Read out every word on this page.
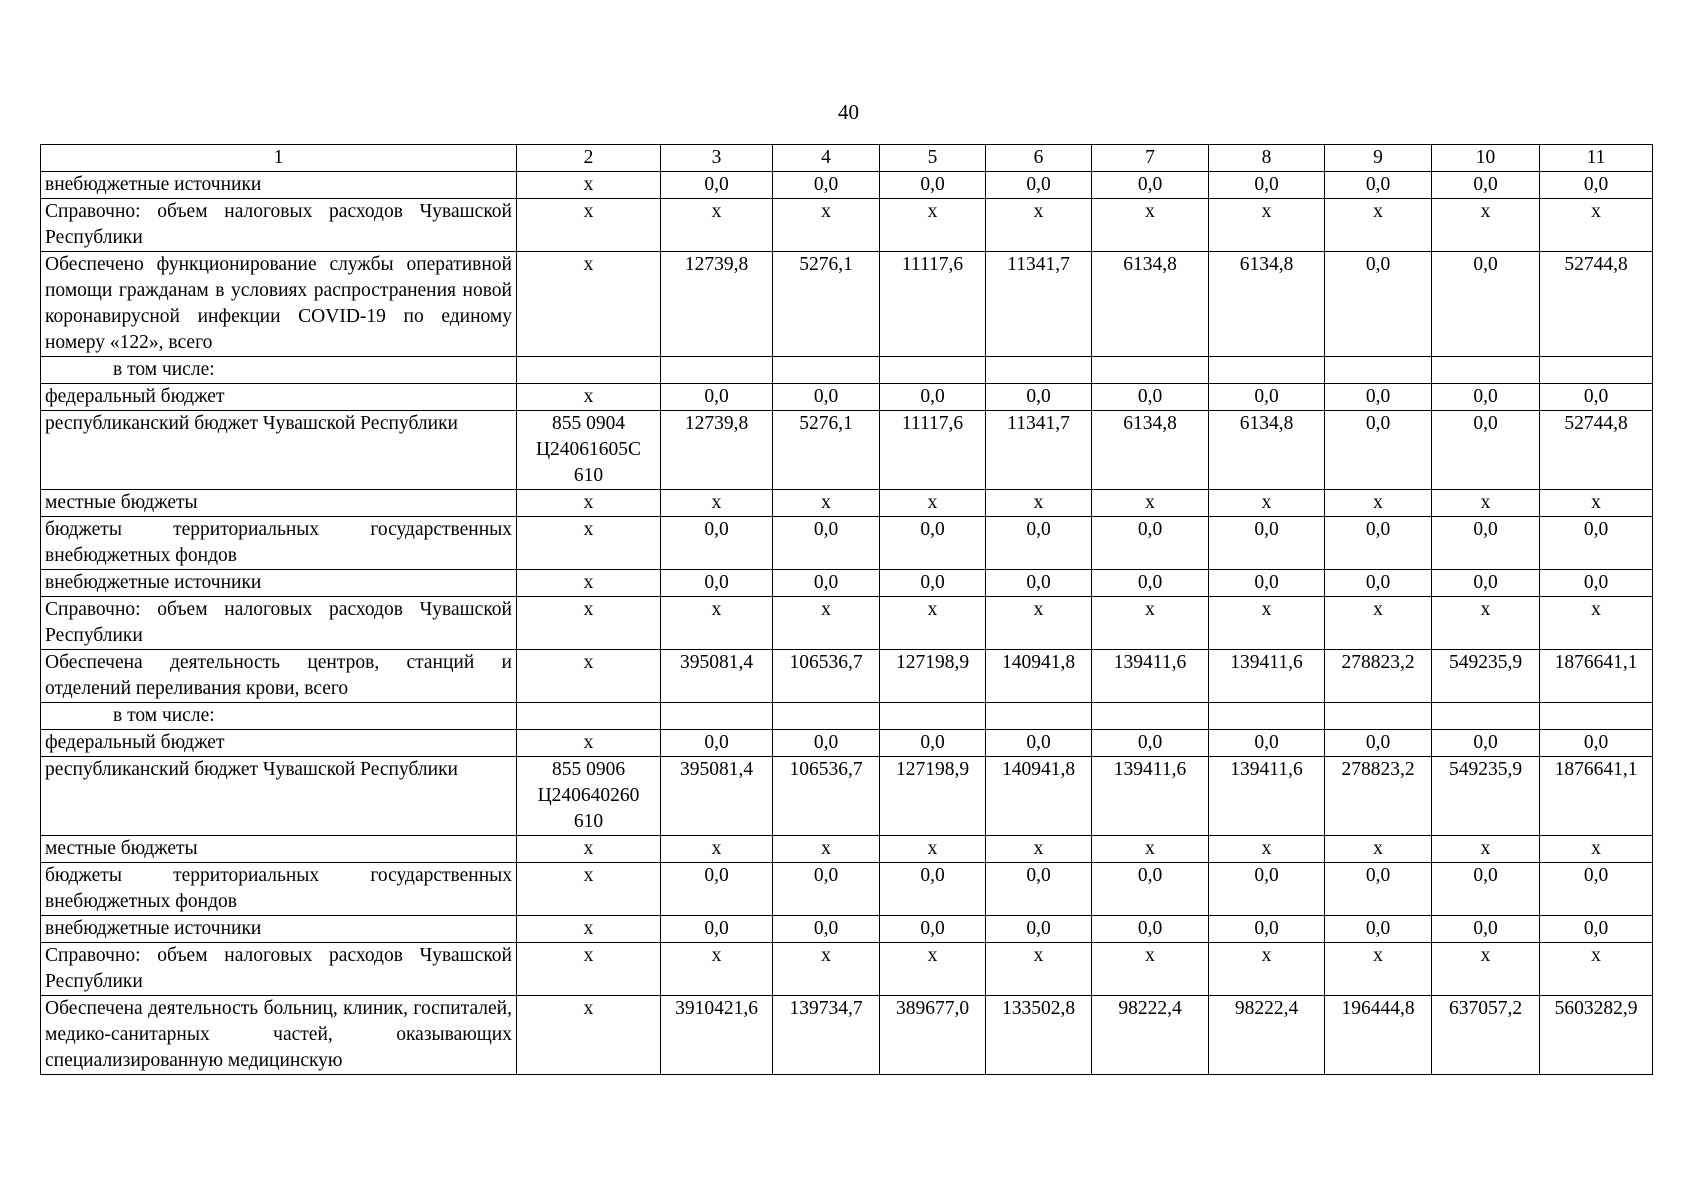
40
1	2	3	4	5	6	7	8	9	10	11
внебюджетные источники	х	0,0	0,0	0,0	0,0	0,0	0,0	0,0	0,0	0,0
Справочно: объем налоговых расходов Чувашской Республики	х	х	х	х	х	х	х	х	х	х
Обеспечено функционирование службы оперативной помощи гражданам в условиях распространения новой коронавирусной инфекции COVID-19 по единому номеру «122», всего	х	12739,8	5276,1	11117,6	11341,7	6134,8	6134,8	0,0	0,0	52744,8
в том числе:										
федеральный бюджет	х	0,0	0,0	0,0	0,0	0,0	0,0	0,0	0,0	0,0
республиканский бюджет Чувашской Республики	855 0904 Ц24061605С 610	12739,8	5276,1	11117,6	11341,7	6134,8	6134,8	0,0	0,0	52744,8
местные бюджеты	х	х	х	х	х	х	х	х	х	х
бюджеты территориальных государственных внебюджетных фондов	х	0,0	0,0	0,0	0,0	0,0	0,0	0,0	0,0	0,0
внебюджетные источники	х	0,0	0,0	0,0	0,0	0,0	0,0	0,0	0,0	0,0
Справочно: объем налоговых расходов Чувашской Республики	х	х	х	х	х	х	х	х	х	х
Обеспечена деятельность центров, станций и отделений переливания крови, всего	х	395081,4	106536,7	127198,9	140941,8	139411,6	139411,6	278823,2	549235,9	1876641,1
в том числе:										
федеральный бюджет	х	0,0	0,0	0,0	0,0	0,0	0,0	0,0	0,0	0,0
республиканский бюджет Чувашской Республики	855 0906 Ц240640260 610	395081,4	106536,7	127198,9	140941,8	139411,6	139411,6	278823,2	549235,9	1876641,1
местные бюджеты	х	х	х	х	х	х	х	х	х	х
бюджеты территориальных государственных внебюджетных фондов	х	0,0	0,0	0,0	0,0	0,0	0,0	0,0	0,0	0,0
внебюджетные источники	х	0,0	0,0	0,0	0,0	0,0	0,0	0,0	0,0	0,0
Справочно: объем налоговых расходов Чувашской Республики	х	х	х	х	х	х	х	х	х	х
Обеспечена деятельность больниц, клиник, госпиталей, медико-санитарных частей, оказывающих специализированную медицинскую	х	3910421,6	139734,7	389677,0	133502,8	98222,4	98222,4	196444,8	637057,2	5603282,9
